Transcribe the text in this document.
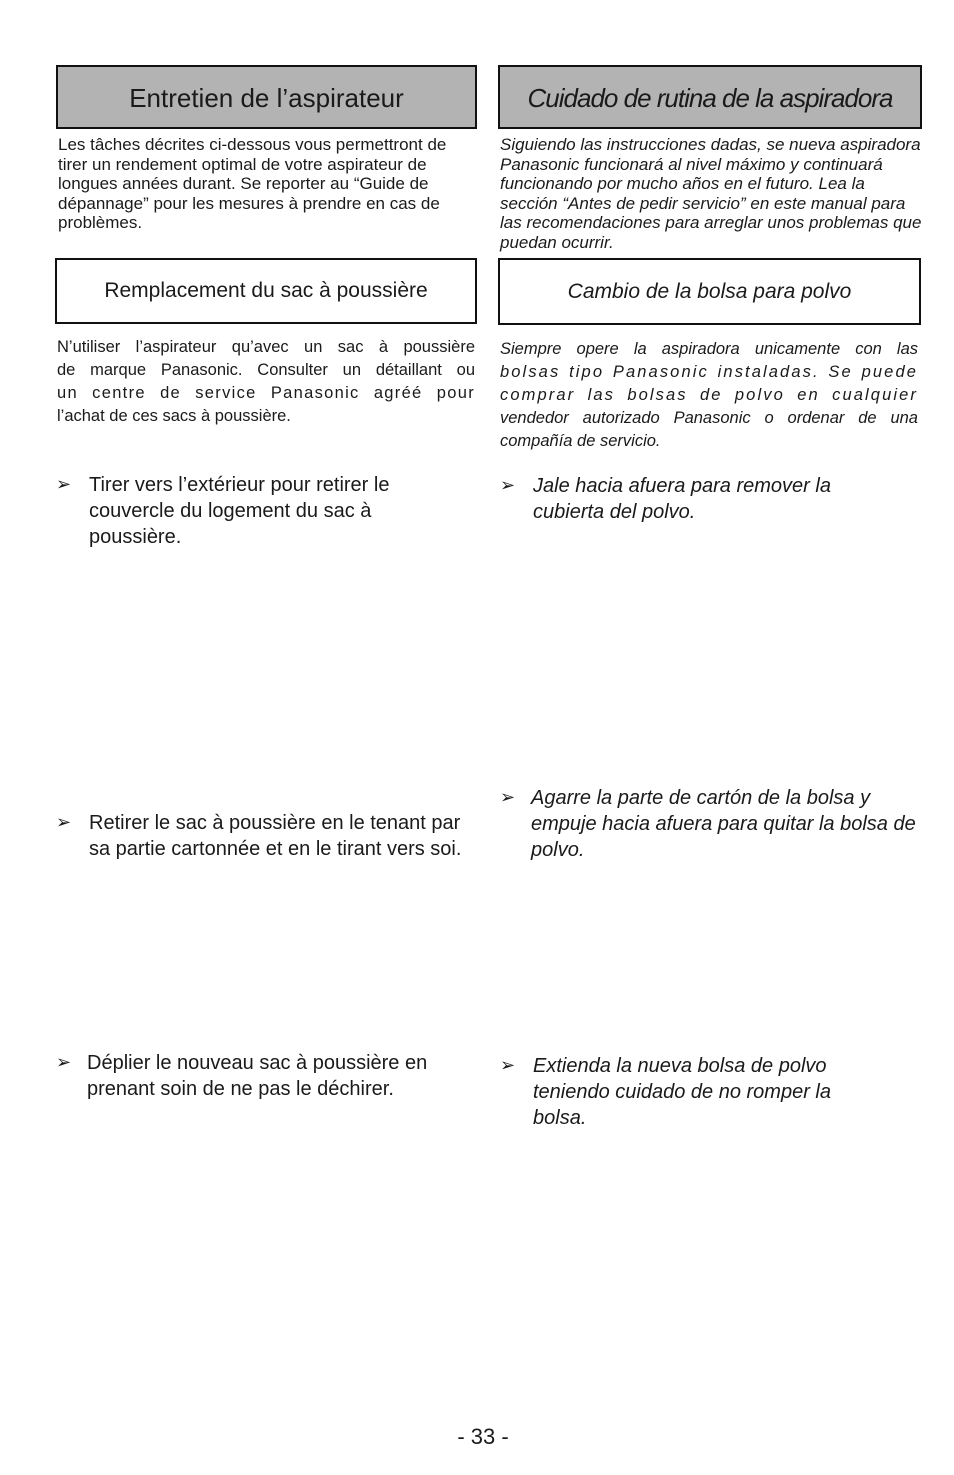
Entretien de l’aspirateur
Les tâches décrites ci-dessous vous permettront de tirer un rendement optimal de votre aspirateur de longues années durant. Se reporter au “Guide de dépannage” pour les mesures à prendre en cas de problèmes.
Remplacement du sac à poussière
N’utiliser l’aspirateur qu’avec un sac à poussière
de marque Panasonic. Consulter un détaillant ou
un centre de service Panasonic agréé pour
l’achat de ces sacs à poussière.
➢ Tirer vers l’extérieur pour retirer le couvercle du logement du sac à poussière.
➢ Retirer le sac à poussière en le tenant par sa partie cartonnée et en le tirant vers soi.
➢ Déplier le nouveau sac à poussière en prenant soin de ne pas le déchirer.
Cuidado de rutina de la aspiradora
Siguiendo las instrucciones dadas, se nueva aspiradora Panasonic funcionará al nivel máximo y continuará funcionando por mucho años en el futuro. Lea la sección “Antes de pedir servicio” en este manual para las recomendaciones para arreglar unos problemas que puedan ocurrir.
Cambio de la bolsa para polvo
Siempre opere la aspiradora unicamente con las
bolsas tipo Panasonic instaladas. Se puede
comprar las bolsas de polvo en cualquier
vendedor autorizado Panasonic o ordenar de una
compañía de servicio.
➢ Jale hacia afuera para remover la cubierta del polvo.
➢ Agarre la parte de cartón de la bolsa y empuje hacia afuera para quitar la bolsa de polvo.
➢ Extienda la nueva bolsa de polvo teniendo cuidado de no romper la bolsa.
- 33 -
